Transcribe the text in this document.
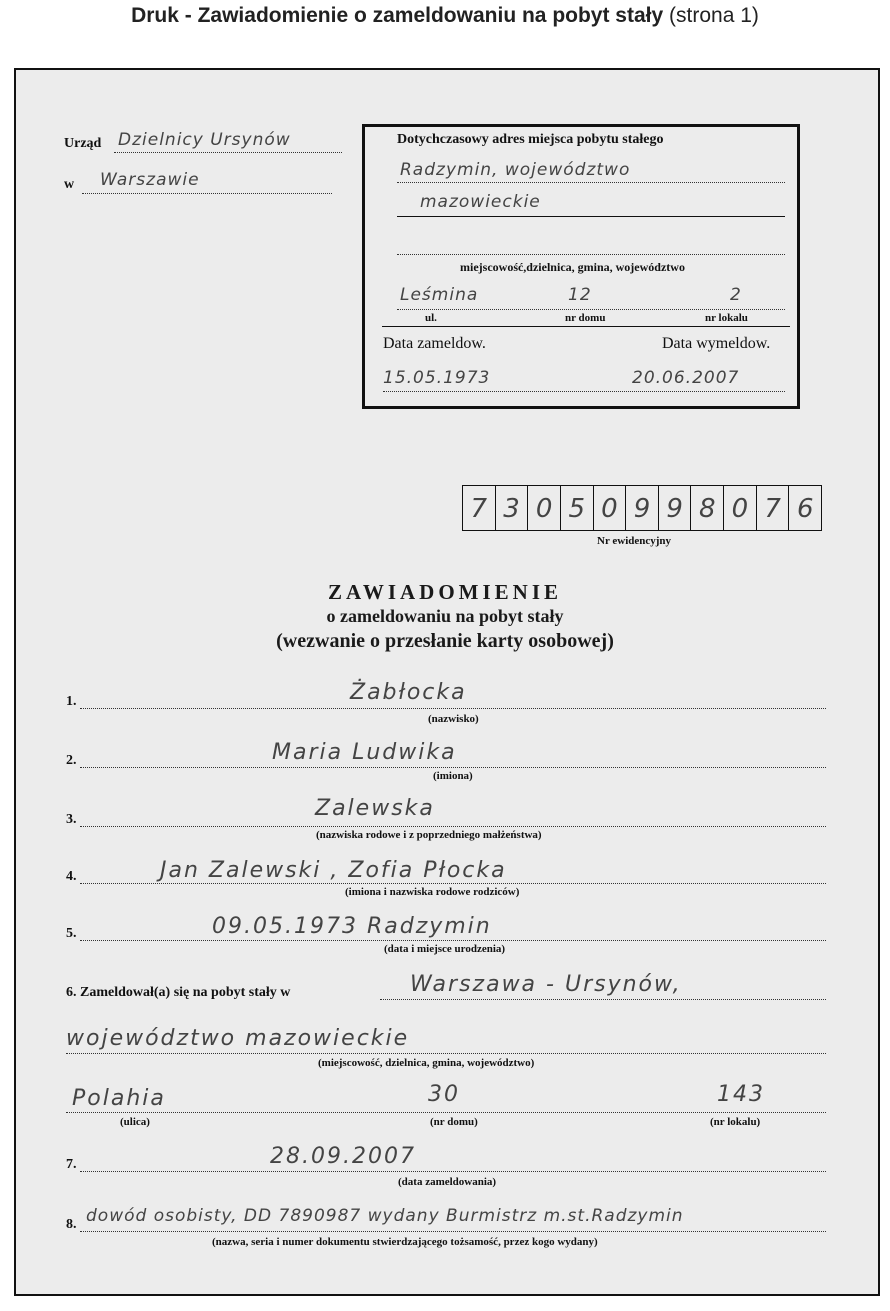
Druk - Zawiadomienie o zameldowaniu na pobyt stały (strona 1)
Urząd Dzielnicy Ursynów
w Warszawie
Dotychczasowy adres miejsca pobytu stałego
Radzymin, województwo
mazowieckie
miejscowość,dzielnica, gmina, województwo
Leśmina	12	2
ul.	nr domu	nr lokalu
Data zameldow.	Data wymeldow.
15.05.1973	20.06.2007
7 3 0 5 0 9 9 8 0 7 6
Nr ewidencyjny
ZAWIADOMIENIE
o zameldowaniu na pobyt stały
(wezwanie o przesłanie karty osobowej)
1.	Żabłocka
(nazwisko)
2.	Maria Ludwika
(imiona)
3.	Zalewska
(nazwiska rodowe i z poprzedniego małżeństwa)
4.	Jan Zalewski , Zofia Płocka
(imiona i nazwiska rodowe rodziców)
5.	09.05.1973 Radzymin
(data i miejsce urodzenia)
6. Zameldował(a) się na pobyt stały w	Warszawa - Ursynów,
województwo mazowieckie
(miejscowość, dzielnica, gmina, województwo)
Polahia	30	143
(ulica)	(nr domu)	(nr lokalu)
7.	28.09.2007
(data zameldowania)
8. dowód osobisty, DD 7890987 wydany Burmistrz m.st.Radzymin
(nazwa, seria i numer dokumentu stwierdzającego tożsamość, przez kogo wydany)
